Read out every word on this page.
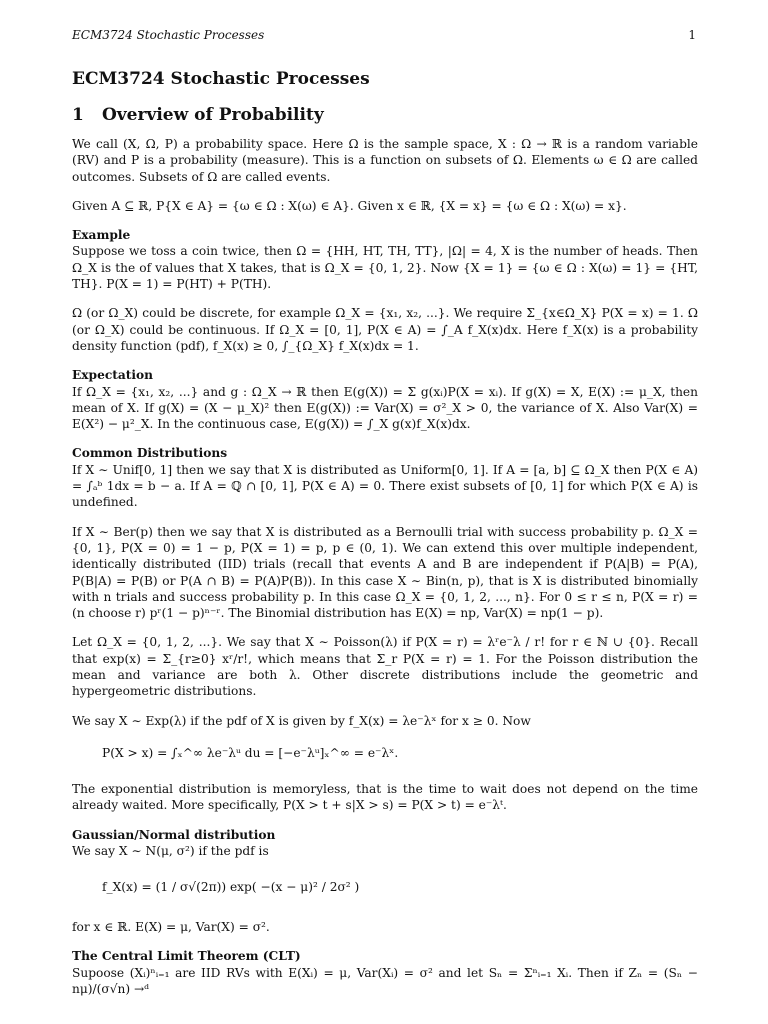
ECM3724 Stochastic Processes	1
ECM3724 Stochastic Processes
1 Overview of Probability

We call (X, Ω, P) a probability space. Here Ω is the sample space, X : Ω → ℝ is a random variable (RV) and P is a probability (measure). This is a function on subsets of Ω. Elements ω ∈ Ω are called outcomes. Subsets of Ω are called events.

Given A ⊆ ℝ, P{X ∈ A} = {ω ∈ Ω : X(ω) ∈ A}. Given x ∈ ℝ, {X = x} = {ω ∈ Ω : X(ω) = x}.

Example

Suppose we toss a coin twice, then Ω = {HH, HT, TH, TT}, |Ω| = 4, X is the number of heads. Then Ω_X is the of values that X takes, that is Ω_X = {0, 1, 2}. Now {X = 1} = {ω ∈ Ω : X(ω) = 1} = {HT, TH}. P(X = 1) = P(HT) + P(TH).

Ω (or Ω_X) could be discrete, for example Ω_X = {x₁, x₂, ...}. We require Σ_{x∈Ω_X} P(X = x) = 1. Ω (or Ω_X) could be continuous. If Ω_X = [0, 1], P(X ∈ A) = ∫_A f_X(x)dx. Here f_X(x) is a probability density function (pdf), f_X(x) ≥ 0, ∫_{Ω_X} f_X(x)dx = 1.

Expectation

If Ω_X = {x₁, x₂, ...} and g : Ω_X → ℝ then E(g(X)) = Σ g(xᵢ)P(X = xᵢ). If g(X) = X, E(X) := μ_X, then mean of X. If g(X) = (X − μ_X)² then E(g(X)) := Var(X) = σ²_X > 0, the variance of X. Also Var(X) = E(X²) − μ²_X. In the continuous case, E(g(X)) = ∫_X g(x)f_X(x)dx.

Common Distributions

If X ∼ Unif[0, 1] then we say that X is distributed as Uniform[0, 1]. If A = [a, b] ⊆ Ω_X then P(X ∈ A) = ∫ₐᵇ 1dx = b − a. If A = ℚ ∩ [0, 1], P(X ∈ A) = 0. There exist subsets of [0, 1] for which P(X ∈ A) is undefined.

If X ∼ Ber(p) then we say that X is distributed as a Bernoulli trial with success probability p. Ω_X = {0, 1}, P(X = 0) = 1 − p, P(X = 1) = p, p ∈ (0, 1). We can extend this over multiple independent, identically distributed (IID) trials (recall that events A and B are independent if P(A|B) = P(A), P(B|A) = P(B) or P(A ∩ B) = P(A)P(B)). In this case X ∼ Bin(n, p), that is X is distributed binomially with n trials and success probability p. In this case Ω_X = {0, 1, 2, ..., n}. For 0 ≤ r ≤ n, P(X = r) = (n choose r) pʳ(1 − p)ⁿ⁻ʳ. The Binomial distribution has E(X) = np, Var(X) = np(1 − p).

Let Ω_X = {0, 1, 2, ...}. We say that X ∼ Poisson(λ) if P(X = r) = λʳe⁻λ / r! for r ∈ ℕ ∪ {0}. Recall that exp(x) = Σ_{r≥0} xʳ/r!, which means that Σ_r P(X = r) = 1. For the Poisson distribution the mean and variance are both λ. Other discrete distributions include the geometric and hypergeometric distributions.

We say X ∼ Exp(λ) if the pdf of X is given by f_X(x) = λe⁻λˣ for x ≥ 0. Now

P(X > x) = ∫ₓ^∞ λe⁻λᵘ du = [−e⁻λᵘ]ₓ^∞ = e⁻λˣ.

The exponential distribution is memoryless, that is the time to wait does not depend on the time already waited. More specifically, P(X > t + s|X > s) = P(X > t) = e⁻λᵗ.

Gaussian/Normal distribution

We say X ∼ N(μ, σ²) if the pdf is

f_X(x) = (1 / σ√(2π)) exp( −(x − μ)² / 2σ² )

for x ∈ ℝ. E(X) = μ, Var(X) = σ².

The Central Limit Theorem (CLT)

Supoose (Xᵢ)ⁿᵢ₌₁ are IID RVs with E(Xᵢ) = μ, Var(Xᵢ) = σ² and let Sₙ = Σⁿᵢ₌₁ Xᵢ. Then if Zₙ = (Sₙ − nμ)/(σ√n) →ᵈ
